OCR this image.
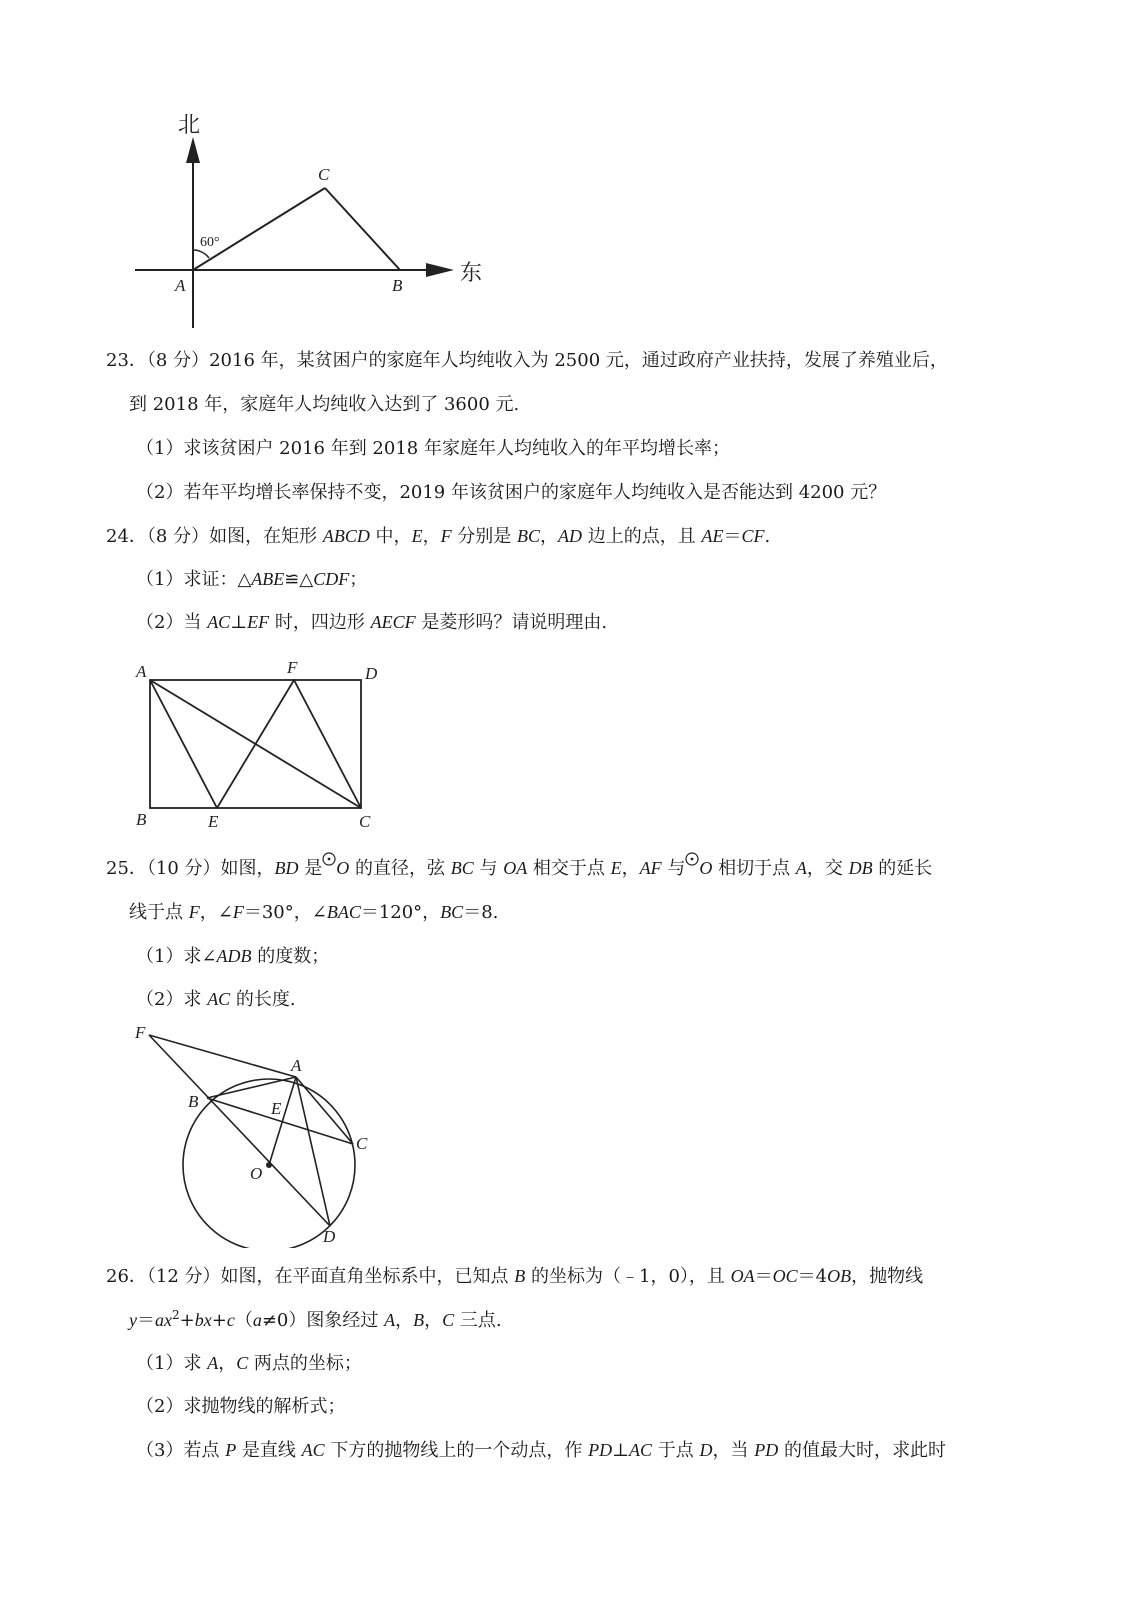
北
东
60°
A	B
C
23．（8 分）2016 年，某贫困户的家庭年人均纯收入为 2500 元，通过政府产业扶持，发展了养殖业后，
到 2018 年，家庭年人均纯收入达到了 3600 元.
（1）求该贫困户 2016 年到 2018 年家庭年人均纯收入的年平均增长率；
（2）若年平均增长率保持不变，2019 年该贫困户的家庭年人均纯收入是否能达到 4200 元？
24．（8 分）如图，在矩形 ABCD 中，E，F 分别是 BC，AD 边上的点，且 AE＝CF.
（1）求证：△ABE≌△CDF；
（2）当 AC⊥EF 时，四边形 AECF 是菱形吗？请说明理由.
A	F	D
B	E	C
25．（10 分）如图，BD 是 O 的直径，弦 BC 与 OA 相交于点 E，AF 与 O 相切于点 A，交 DB 的延长
线于点 F，∠F＝30°，∠BAC＝120°，BC＝8.
（1）求∠ADB 的度数；
（2）求 AC 的长度.
F
A
B	E
C
O
D
26．（12 分）如图，在平面直角坐标系中，已知点 B 的坐标为（﹣1，0），且 OA＝OC＝4OB，抛物线
$y=ax^2+bx+c(a\ne 0)$图象经过 A，B，C 三点.
（1）求 A，C 两点的坐标；
（2）求抛物线的解析式；
（3）若点 P 是直线 AC 下方的抛物线上的一个动点，作 PD⊥AC 于点 D，当 PD 的值最大时，求此时
